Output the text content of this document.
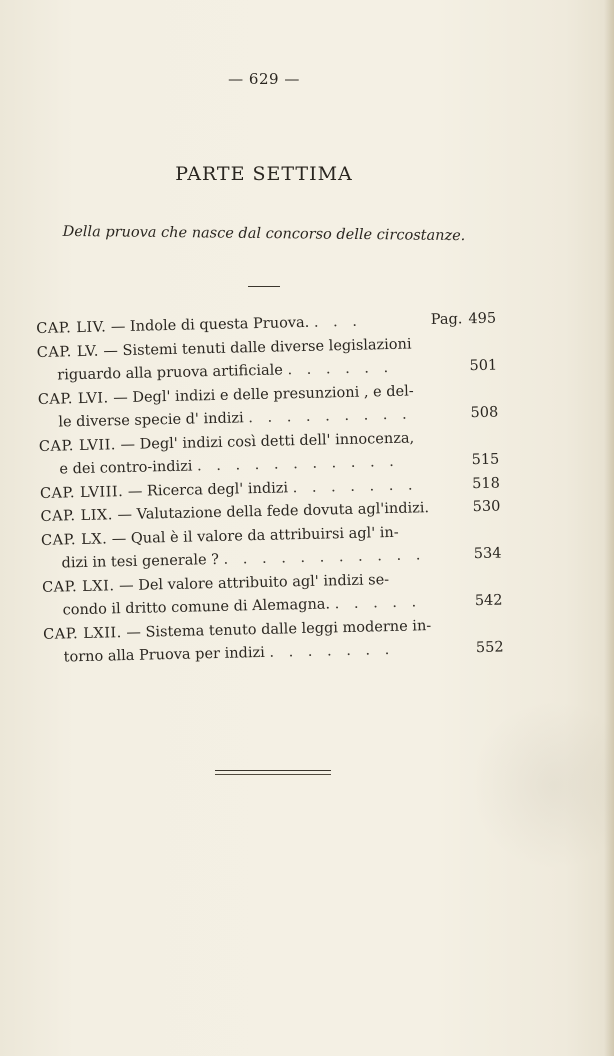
— 629 —
PARTE SETTIMA
Della pruova che nasce dal concorso delle circostanze.
CAP. LIV. — Indole di questa Pruova. . . .	Pag. 495
CAP. LV. — Sistemi tenuti dalle diverse legislazioni
riguardo alla pruova artificiale . . . . . .	501
CAP. LVI. — Degl' indizi e delle presunzioni , e del-
le diverse specie d' indizi . . . . . . . . .	508
CAP. LVII. — Degl' indizi così detti dell' innocenza,
e dei contro-indizi . . . . . . . . . . .	515
CAP. LVIII. — Ricerca degl' indizi . . . . . . .	518
CAP. LIX. — Valutazione della fede dovuta agl'indizi.	530
CAP. LX. — Qual è il valore da attribuirsi agl' in-
dizi in tesi generale ? . . . . . . . . . . .	534
CAP. LXI. — Del valore attribuito agl' indizi se-
condo il dritto comune di Alemagna. . . . . .	542
CAP. LXII. — Sistema tenuto dalle leggi moderne in-
torno alla Pruova per indizi . . . . . . .	552
